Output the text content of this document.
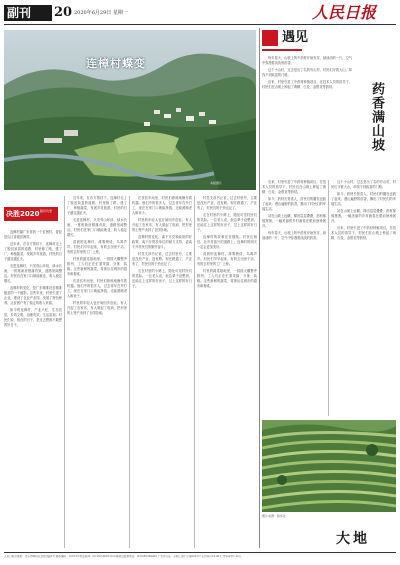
副刊	20 2020年6月29日 星期一	人民日报
连樟村蝶变
本版图片
决胜2020 脱贫攻坚

连樟村属广东省的一个贫困村，曾经是山区省级贫困村。

近年来，在各方帮扶下，连樟村走上了脱贫致富的道路，村里修了路，建了厂，种植蔬菜，发展乡村旅游，村民的日子越过越红火。

走进连樟村，只见青山环绕，绿水长流，一栋栋新房错落有致，道路宽阔整洁。村民们在家门口就能就业，收入稳定增长。

连樟村的变化，是广东精准扶贫精准脱贫的一个缩影。这些年来，村里引进了企业，建设了农业产业园，发展了特色种养，让贫困户有了稳定的收入来源。

如今的连樟村，产业兴旺，生态宜居，乡风文明，治理有效，生活富裕。村民们说，现在的日子，是过去想都不敢想的好日子。

近年来，在各方帮扶下，连樟村走上了脱贫致富的道路，村里修了路，建了厂，种植蔬菜，发展乡村旅游，村民的日子越过越红火。

走进连樟村，只见青山环绕，绿水长流，一栋栋新房错落有致，道路宽阔整洁。村民们在家门口就能就业，收入稳定增长。

清晨的连樟村，薄雾缭绕，鸟鸣声声。村民们早早起床，有的去田里干活，有的去村里的工厂上班。

村里的蔬菜基地里，一排排大棚整齐排列，工人们正在忙着采摘、分拣、装箱。这些新鲜的蔬菜，将被运往城市的超市和餐桌。

在扶贫车间里，村民们熟练地操作着机器。他们中的很多人，过去常年在外打工，现在在家门口就能挣钱，还能照顾老人和孩子。

村里的年轻人也开始回乡创业。有人开起了农家乐，有人做起了电商，把村里的土特产卖到了全国各地。

在扶贫车间里，村民们熟练地操作着机器。他们中的很多人，过去常年在外打工，现在在家门口就能挣钱，还能照顾老人和孩子。

村里的年轻人也开始回乡创业。有人开起了农家乐，有人做起了电商，把村里的土特产卖到了全国各地。

连樟村的变化，离不开党和政府的好政策，离不开帮扶单位的倾力支持，更离不开村民们的勤劳奋斗。

村党支部书记说，过去村里穷，主要是没有产业，没有路。现在路通了，产业有了，村民们的干劲也足了。

走在村里的小路上，随处可见村民们的笑脸。一位老人说，他这辈子没想到，还能住上这样的好房子，过上这样的好日子。

村党支部书记说，过去村里穷，主要是没有产业，没有路。现在路通了，产业有了，村民们的干劲也足了。

走在村里的小路上，随处可见村民们的笑脸。一位老人说，他这辈子没想到，还能住上这样的好房子，过上这样的好日子。

连樟村的故事还在继续。村民们相信，在乡村振兴的道路上，连樟村的明天一定会更加美好。

清晨的连樟村，薄雾缭绕，鸟鸣声声。村民们早早起床，有的去田里干活，有的去村里的工厂上班。

村里的蔬菜基地里，一排排大棚整齐排列，工人们正在忙着采摘、分拣、装箱。这些新鲜的蔬菜，将被运往城市的超市和餐桌。

遇见

每年春天，山坡上的中药材开始发芽，绿油油的一片，空气中弥漫着淡淡的药香。

这个小山村，过去是出了名的穷山村，村民们守着大山，却找不到致富的门路。

后来，村里引进了中药材种植项目，在技术人员的指导下，村民们在山坡上种起了黄精、白及、金银花等药材。	药香满山坡

后来，村里引进了中药材种植项目，在技术人员的指导下，村民们在山坡上种起了黄精、白及、金银花等药材。

如今，药材长势喜人，村民们的腰包也鼓了起来。漫山遍野的药香，飘出了村民们的幸福生活。

站在山坡上远眺，梯田层层叠叠，药材郁郁葱葱，一幅美丽的乡村画卷在眼前徐徐展开。

每年春天，山坡上的中药材开始发芽，绿油油的一片，空气中弥漫着淡淡的药香。

这个小山村，过去是出了名的穷山村，村民们守着大山，却找不到致富的门路。

如今，药材长势喜人，村民们的腰包也鼓了起来。漫山遍野的药香，飘出了村民们的幸福生活。

站在山坡上远眺，梯田层层叠叠，药材郁郁葱葱，一幅美丽的乡村画卷在眼前徐徐展开。

后来，村里引进了中药材种植项目，在技术人员的指导下，村民们在山坡上种起了黄精、白及、金银花等药材。

图片来源：新华社
大地
人民日报社地址：北京市朝阳区金台西路2号 邮政编码：100733 电话查询：(010)65368114 印刷质量监督电话：(010)65369463 广告许可证：京朝工商广字第0001号 定价每月24.00元 零售每份1.50元
